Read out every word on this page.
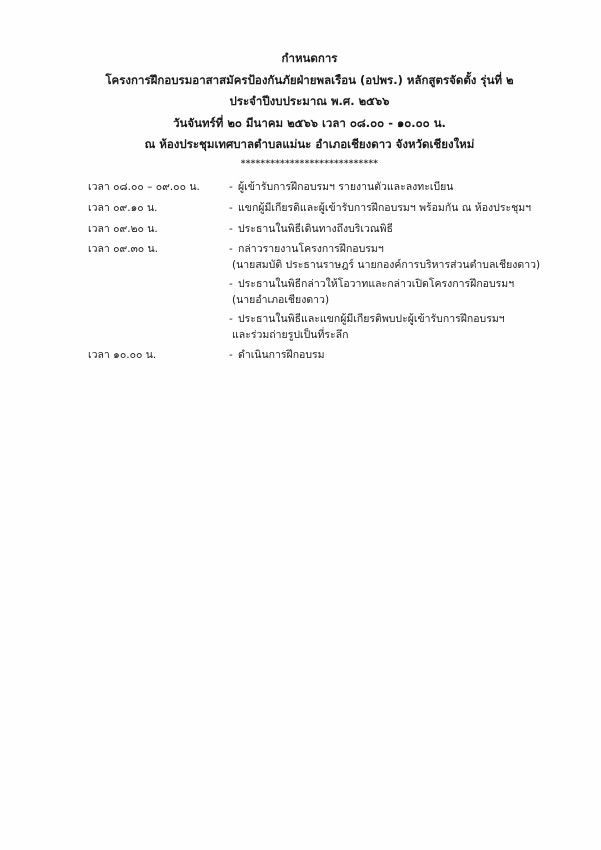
กำหนดการ
โครงการฝึกอบรมอาสาสมัครป้องกันภัยฝ่ายพลเรือน (อปพร.) หลักสูตรจัดตั้ง รุ่นที่ ๒
ประจำปีงบประมาณ พ.ศ. ๒๕๖๖
วันจันทร์ที่ ๒๐ มีนาคม ๒๕๖๖ เวลา ๐๘.๐๐ - ๑๐.๐๐ น.
ณ ห้องประชุมเทศบาลตำบลแม่นะ อำเภอเชียงดาว จังหวัดเชียงใหม่
****************************
เวลา ๐๘.๐๐ – ๐๙.๐๐ น.	- ผู้เข้ารับการฝึกอบรมฯ รายงานตัวและลงทะเบียน
เวลา ๐๙.๑๐ น.	- แขกผู้มีเกียรติและผู้เข้ารับการฝึกอบรมฯ พร้อมกัน ณ ห้องประชุมฯ
เวลา ๐๙.๒๐ น.	- ประธานในพิธีเดินทางถึงบริเวณพิธี
เวลา ๐๙.๓๐ น.	- กล่าวรายงานโครงการฝึกอบรมฯ
(นายสมบัติ ประธานราษฎร์ นายกองค์การบริหารส่วนตำบลเชียงดาว)
- ประธานในพิธีกล่าวให้โอวาทและกล่าวเปิดโครงการฝึกอบรมฯ
(นายอำเภอเชียงดาว)
- ประธานในพิธีและแขกผู้มีเกียรติพบปะผู้เข้ารับการฝึกอบรมฯ
และร่วมถ่ายรูปเป็นที่ระลึก
เวลา ๑๐.๐๐ น.	- ดำเนินการฝึกอบรม
